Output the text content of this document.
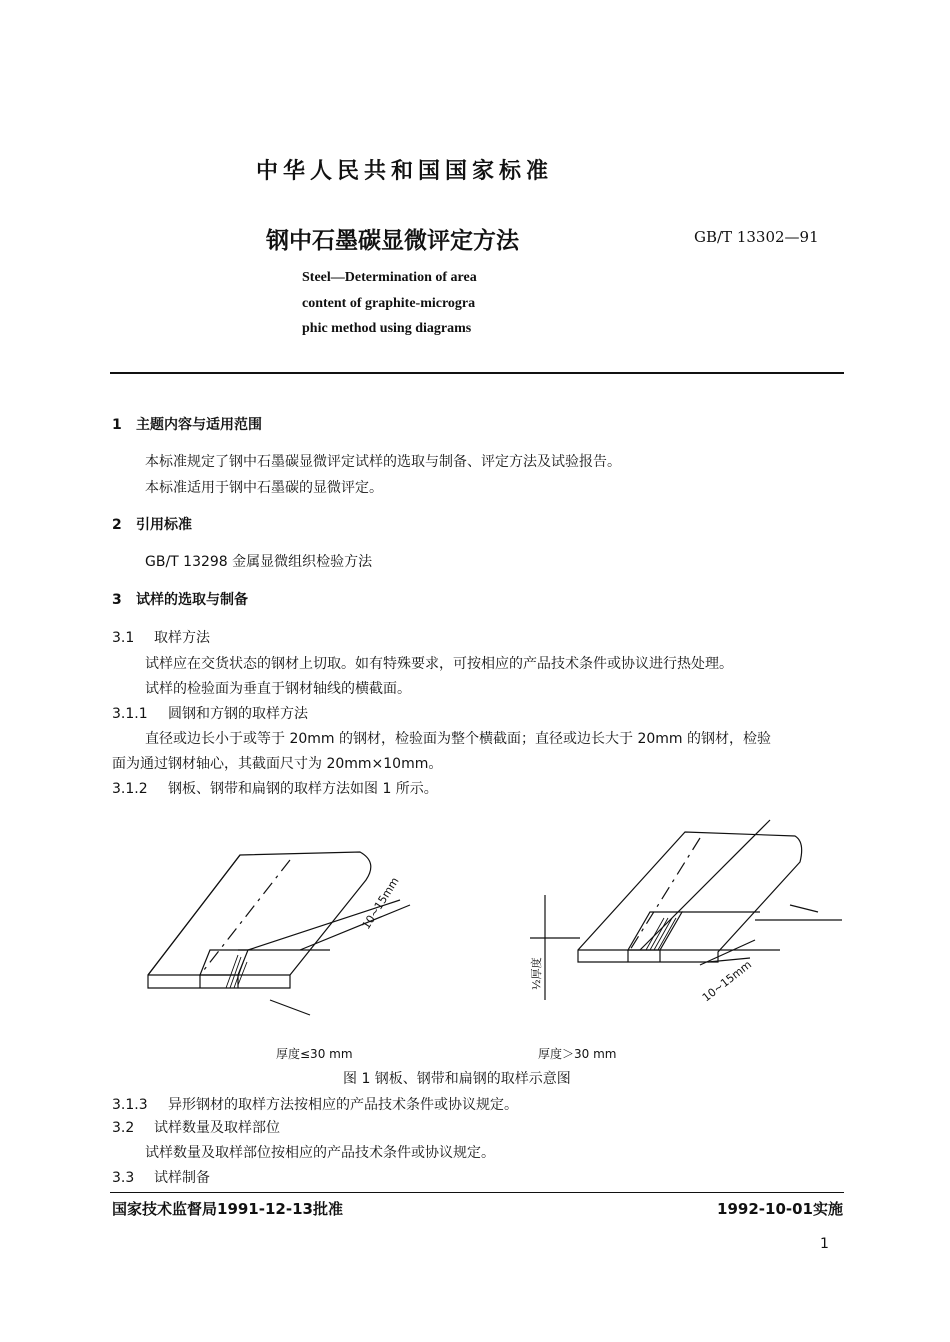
中华人民共和国国家标准
钢中石墨碳显微评定方法	GB/T 13302—91
Steel—Determination of area
content of graphite-microgra
phic method using diagrams
1 主题内容与适用范围
本标准规定了钢中石墨碳显微评定试样的选取与制备、评定方法及试验报告。
本标准适用于钢中石墨碳的显微评定。
2 引用标准
GB/T 13298 金属显微组织检验方法
3 试样的选取与制备
3.1 取样方法
试样应在交货状态的钢材上切取。如有特殊要求，可按相应的产品技术条件或协议进行热处理。
试样的检验面为垂直于钢材轴线的横截面。
3.1.1 圆钢和方钢的取样方法
直径或边长小于或等于 20mm 的钢材，检验面为整个横截面；直径或边长大于 20mm 的钢材，检验
面为通过钢材轴心，其截面尺寸为 20mm×10mm。
3.1.2 钢板、钢带和扁钢的取样方法如图 1 所示。
10~15mm
½厚度	10~15mm
厚度≤30 mm	厚度＞30 mm
图 1 钢板、钢带和扁钢的取样示意图
3.1.3 异形钢材的取样方法按相应的产品技术条件或协议规定。
3.2 试样数量及取样部位
试样数量及取样部位按相应的产品技术条件或协议规定。
3.3 试样制备
国家技术监督局1991-12-13批准	1992-10-01实施
1
